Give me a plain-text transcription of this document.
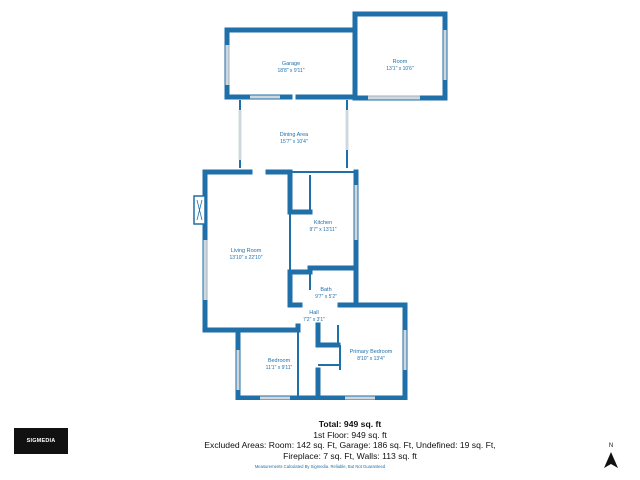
Garage
18'8" x 9'11"
Room
13'1" x 10'6"
Dining Area
15'7" x 10'4"
Kitchen
9'7" x 13'11"
Living Room
13'10" x 22'10"
Bath
9'7" x 5'2"
Hall
7'2" x 3'1"
Primary Bedroom
8'10" x 13'4"
Bedroom
11'1" x 9'11"
Total: 949 sq. ft
1st Floor: 949 sq. ft
Excluded Areas: Room: 142 sq. Ft, Garage: 186 sq. Ft, Undefined: 19 sq. Ft,
Fireplace: 7 sq. Ft, Walls: 113 sq. ft
Measurements Calculated By Sigmedia. Reliable, But Not Guaranteed
SIGMEDIA
N
